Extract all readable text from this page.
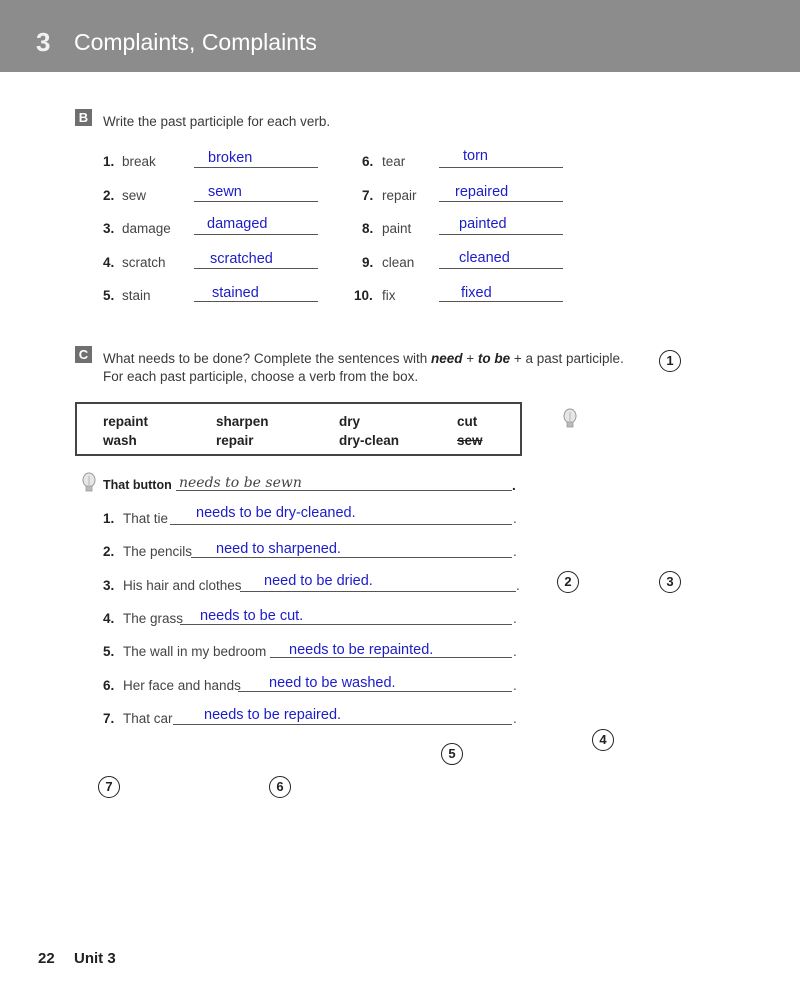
3 Complaints, Complaints
B Write the past participle for each verb.
1. break	broken
2. sew	sewn
3. damage damaged
4. scratch	scratched
5. stain	stained
6. tear	torn
7. repair	repaired
8. paint	painted
9. clean	cleaned
10. fix	fixed
C What needs to be done? Complete the sentences with need + to be + a past participle.
For each past participle, choose a verb from the box.
repaint	sharpen	dry	cut
wash	repair	dry-clean	sew
That button needs to be sewn	.
1. That tie needs to be dry-cleaned.	.
2. The pencils need to sharpened.	.
3. His hair and clothes need to be dried.	.
4. The grass needs to be cut.	.
5. The wall in my bedroom needs to be repainted.	.
6. Her face and hands need to be washed.	.
7. That car needs to be repaired.	.
1
2	3
4
5
6
7
22 Unit 3
